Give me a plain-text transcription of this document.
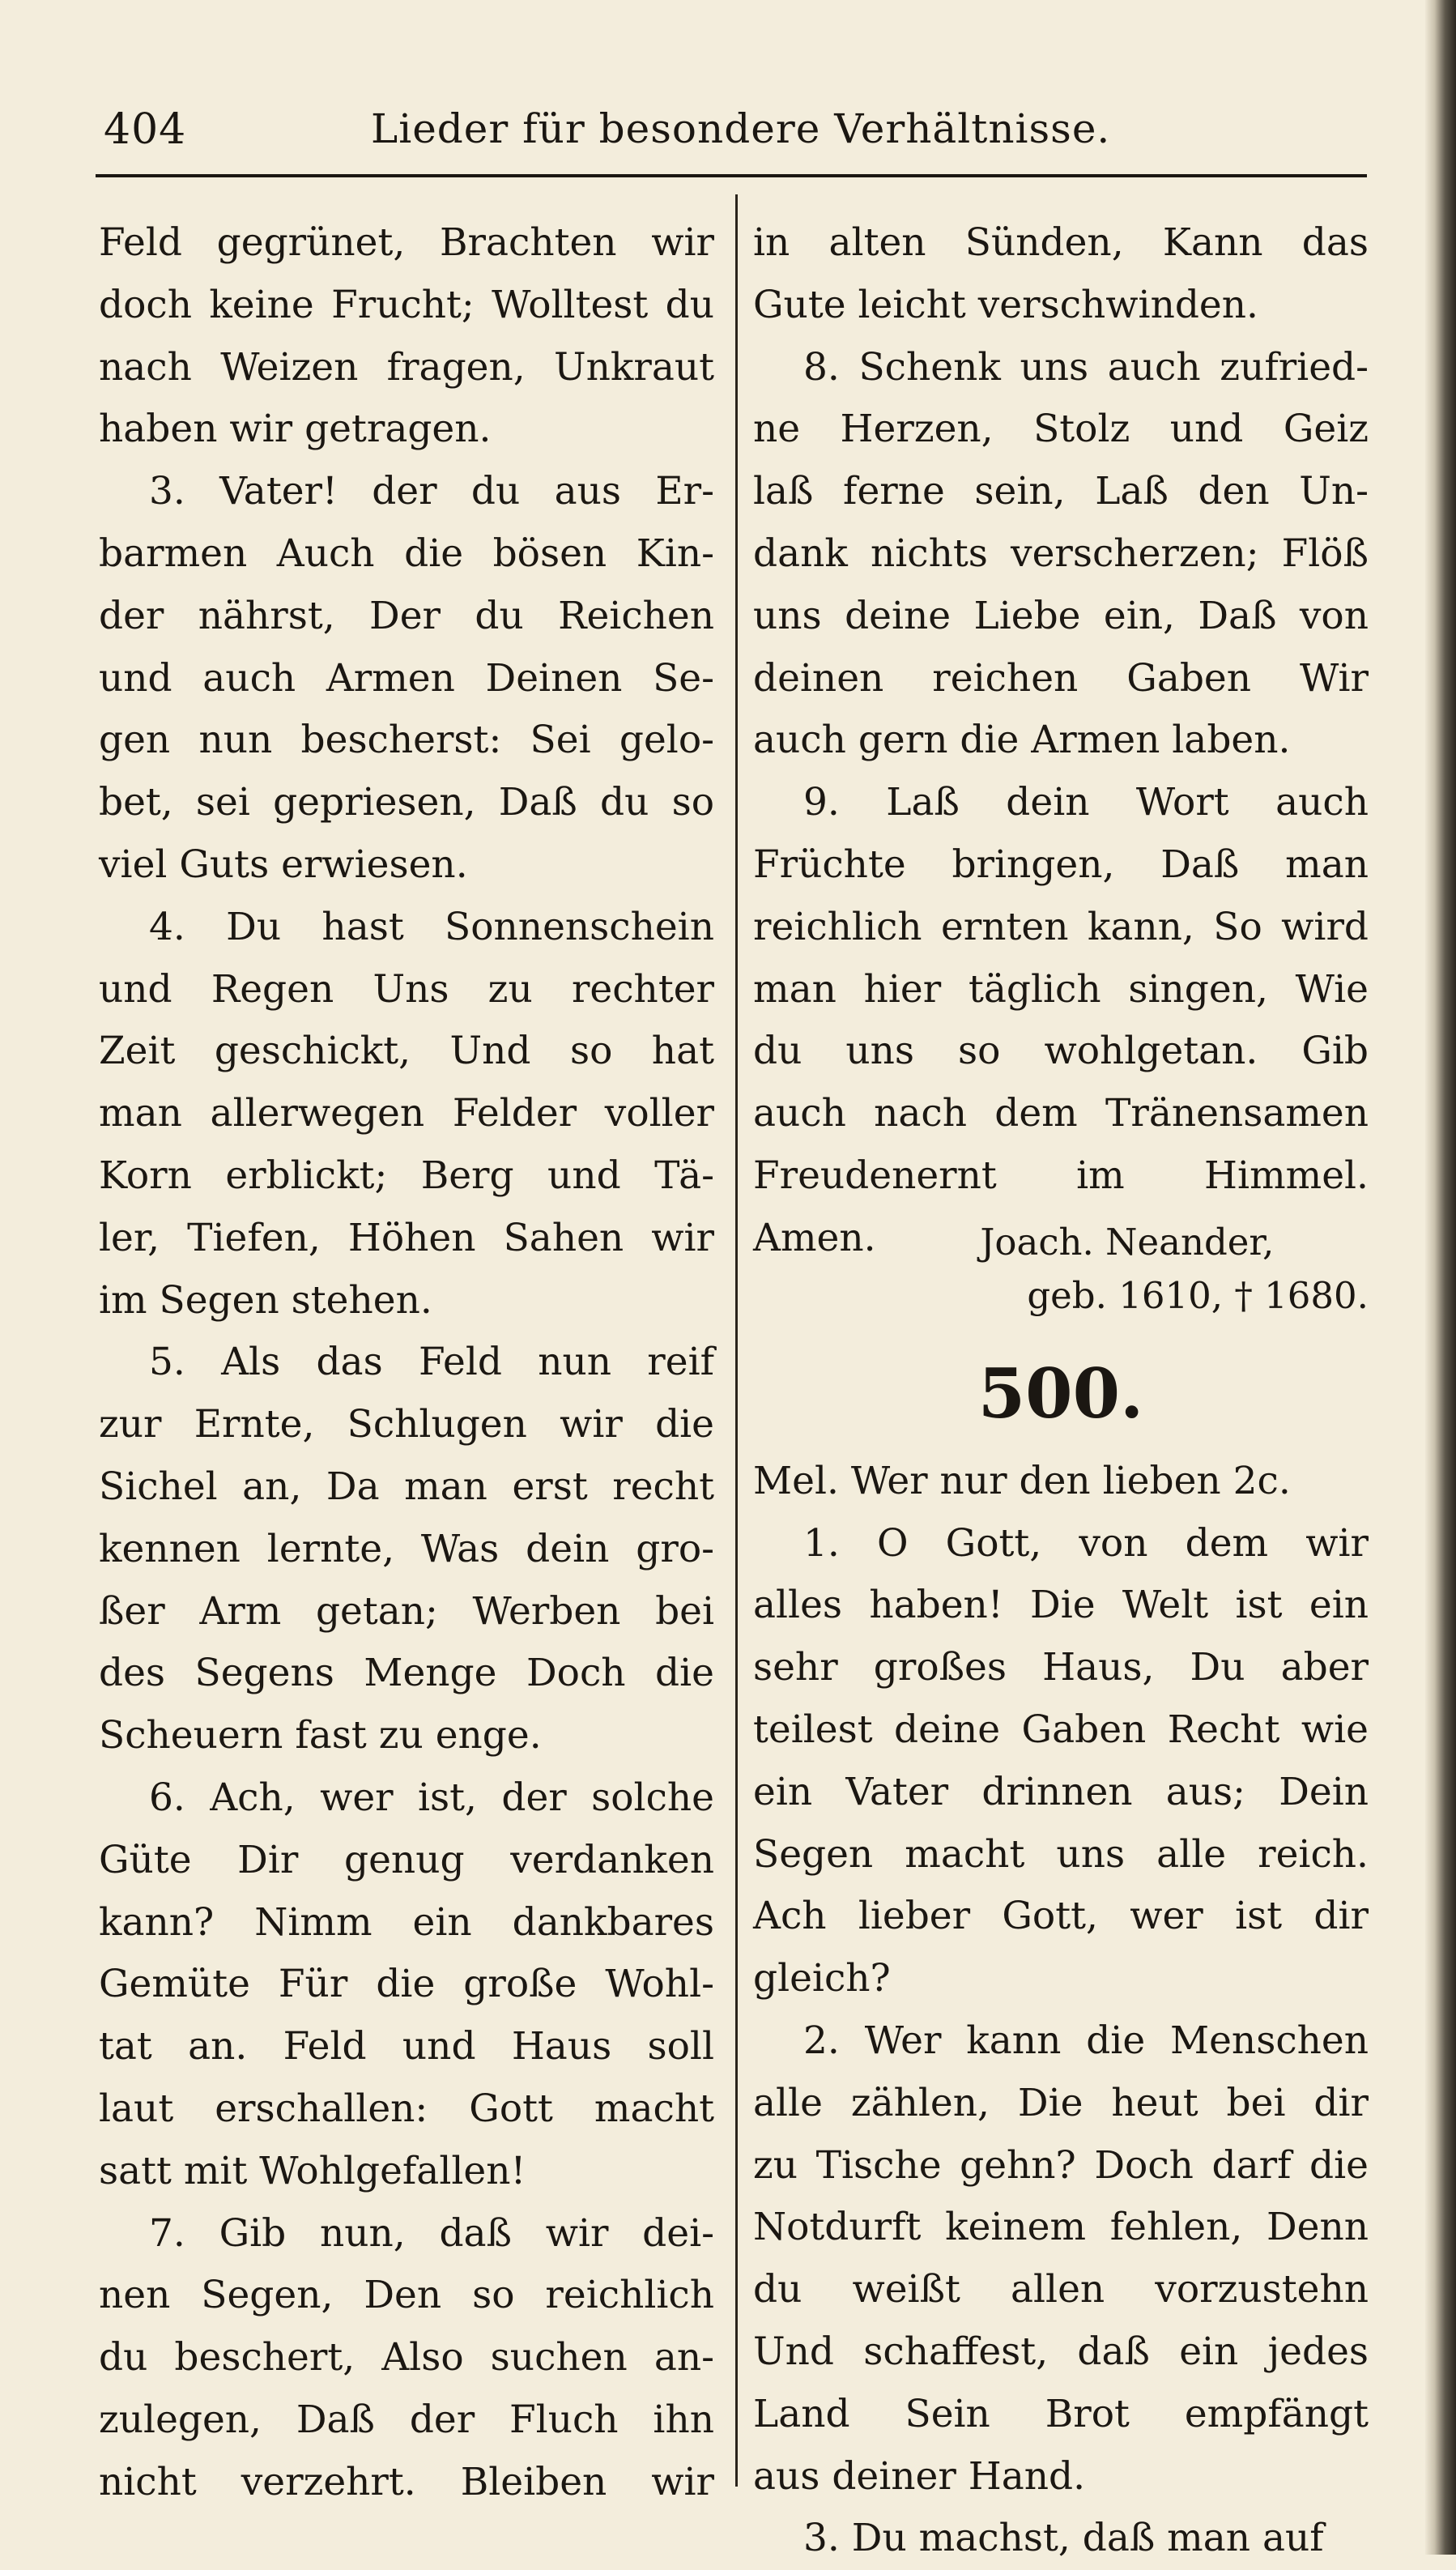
404	Lieder für besondere Verhältnisse.
Feld gegrünet, Brachten wir
doch keine Frucht; Wolltest du
nach Weizen fragen, Unkraut
haben wir getragen.
3. Vater! der du aus Er-
barmen Auch die bösen Kin-
der nährst, Der du Reichen
und auch Armen Deinen Se-
gen nun bescherst: Sei gelo-
bet, sei gepriesen, Daß du so
viel Guts erwiesen.
4. Du hast Sonnenschein
und Regen Uns zu rechter
Zeit geschickt, Und so hat
man allerwegen Felder voller
Korn erblickt; Berg und Tä-
ler, Tiefen, Höhen Sahen wir
im Segen stehen.
5. Als das Feld nun reif
zur Ernte, Schlugen wir die
Sichel an, Da man erst recht
kennen lernte, Was dein gro-
ßer Arm getan; Werben bei
des Segens Menge Doch die
Scheuern fast zu enge.
6. Ach, wer ist, der solche
Güte Dir genug verdanken
kann? Nimm ein dankbares
Gemüte Für die große Wohl-
tat an. Feld und Haus soll
laut erschallen: Gott macht
satt mit Wohlgefallen!
7. Gib nun, daß wir dei-
nen Segen, Den so reichlich
du beschert, Also suchen an-
zulegen, Daß der Fluch ihn
nicht verzehrt. Bleiben wir
in alten Sünden, Kann das
Gute leicht verschwinden.
8. Schenk uns auch zufried-
ne Herzen, Stolz und Geiz
laß ferne sein, Laß den Un-
dank nichts verscherzen; Flöß
uns deine Liebe ein, Daß von
deinen reichen Gaben Wir
auch gern die Armen laben.
9. Laß dein Wort auch
Früchte bringen, Daß man
reichlich ernten kann, So wird
man hier täglich singen, Wie
du uns so wohlgetan. Gib
auch nach dem Tränensamen
Freudenernt im Himmel.
Amen.	Joach. Neander,
geb. 1610, † 1680.
500.
Mel. Wer nur den lieben 2c.
1. O Gott, von dem wir
alles haben! Die Welt ist ein
sehr großes Haus, Du aber
teilest deine Gaben Recht wie
ein Vater drinnen aus; Dein
Segen macht uns alle reich.
Ach lieber Gott, wer ist dir
gleich?
2. Wer kann die Menschen
alle zählen, Die heut bei dir
zu Tische gehn? Doch darf die
Notdurft keinem fehlen, Denn
du weißt allen vorzustehn
Und schaffest, daß ein jedes
Land Sein Brot empfängt
aus deiner Hand.
3. Du machst, daß man auf
